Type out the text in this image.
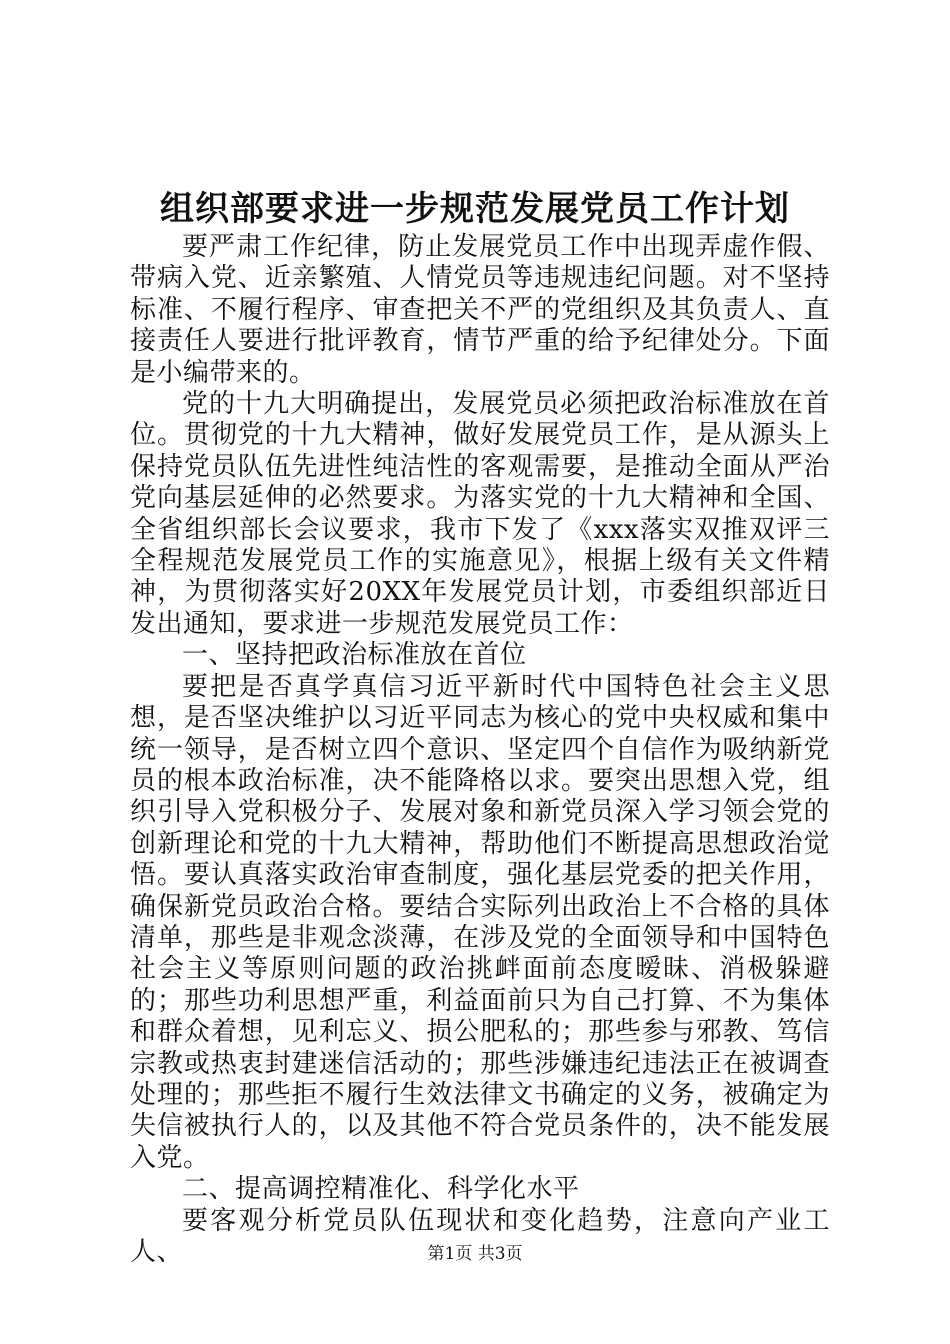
组织部要求进一步规范发展党员工作计划

要严肃工作纪律，防止发展党员工作中出现弄虚作假、带病入党、近亲繁殖、人情党员等违规违纪问题。对不坚持标准、不履行程序、审查把关不严的党组织及其负责人、直接责任人要进行批评教育，情节严重的给予纪律处分。下面是小编带来的。

党的十九大明确提出，发展党员必须把政治标准放在首位。贯彻党的十九大精神，做好发展党员工作，是从源头上保持党员队伍先进性纯洁性的客观需要，是推动全面从严治党向基层延伸的必然要求。为落实党的十九大精神和全国、全省组织部长会议要求，我市下发了《xxx落实双推双评三全程规范发展党员工作的实施意见》，根据上级有关文件精神，为贯彻落实好20XX年发展党员计划，市委组织部近日发出通知，要求进一步规范发展党员工作：

一、坚持把政治标准放在首位

要把是否真学真信习近平新时代中国特色社会主义思想，是否坚决维护以习近平同志为核心的党中央权威和集中统一领导，是否树立四个意识、坚定四个自信作为吸纳新党员的根本政治标准，决不能降格以求。要突出思想入党，组织引导入党积极分子、发展对象和新党员深入学习领会党的创新理论和党的十九大精神，帮助他们不断提高思想政治觉悟。要认真落实政治审查制度，强化基层党委的把关作用，确保新党员政治合格。要结合实际列出政治上不合格的具体清单，那些是非观念淡薄，在涉及党的全面领导和中国特色社会主义等原则问题的政治挑衅面前态度暧昧、消极躲避的；那些功利思想严重，利益面前只为自己打算、不为集体和群众着想，见利忘义、损公肥私的；那些参与邪教、笃信宗教或热衷封建迷信活动的；那些涉嫌违纪违法正在被调查处理的；那些拒不履行生效法律文书确定的义务，被确定为失信被执行人的，以及其他不符合党员条件的，决不能发展入党。

二、提高调控精准化、科学化水平

要客观分析党员队伍现状和变化趋势，注意向产业工人、	第1页 共3页
